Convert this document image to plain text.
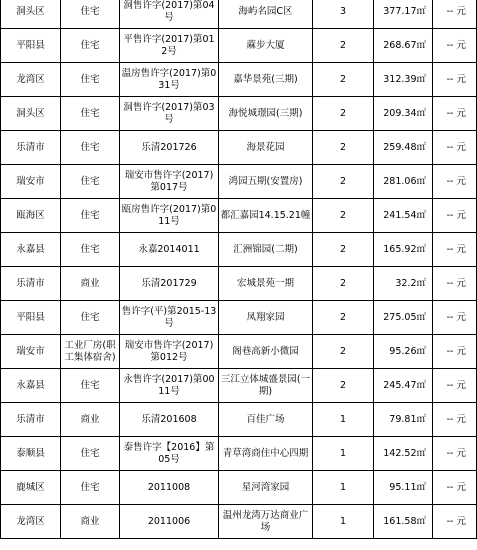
洞头区	住宅	洞售许字(2017)第04号	海屿名园C区	3	377.17㎡	-- 元
平阳县	住宅	平售许字(2017)第012号	蔴步大厦	2	268.67㎡	-- 元
龙湾区	住宅	温房售许字(2017)第031号	嘉华景苑(三期)	2	312.39㎡	-- 元
洞头区	住宅	洞售许字(2017)第03号	海悦城璟园(三期)	2	209.34㎡	-- 元
乐清市	住宅	乐清201726	海景花园	2	259.48㎡	-- 元
瑞安市	住宅	瑞安市售许字(2017)第017号	鸿园五期(安置房)	2	281.06㎡	-- 元
瓯海区	住宅	瓯房售许字(2017)第011号	都汇嘉园14.15.21幢	2	241.54㎡	-- 元
永嘉县	住宅	永嘉2014011	汇洲锦园(二期)	2	165.92㎡	-- 元
乐清市	商业	乐清201729	宏城景苑一期	2	32.2㎡	-- 元
平阳县	住宅	售许字(平)第2015-13号	凤翔家园	2	275.05㎡	-- 元
瑞安市	工业厂房(职工集体宿舍)	瑞安市售许字(2017)第012号	阁巷高新小微园	2	95.26㎡	-- 元
永嘉县	住宅	永售许字(2017)第0011号	三江立体城盛景园(一期)	2	245.47㎡	-- 元
乐清市	商业	乐清201608	百佳广场	1	79.81㎡	-- 元
泰顺县	住宅	泰售许字【2016】第05号	青草湾商住中心四期	1	142.52㎡	-- 元
鹿城区	住宅	2011008	星河湾家园	1	95.11㎡	-- 元
龙湾区	商业	2011006	温州龙湾万达商业广场	1	161.58㎡	-- 元
